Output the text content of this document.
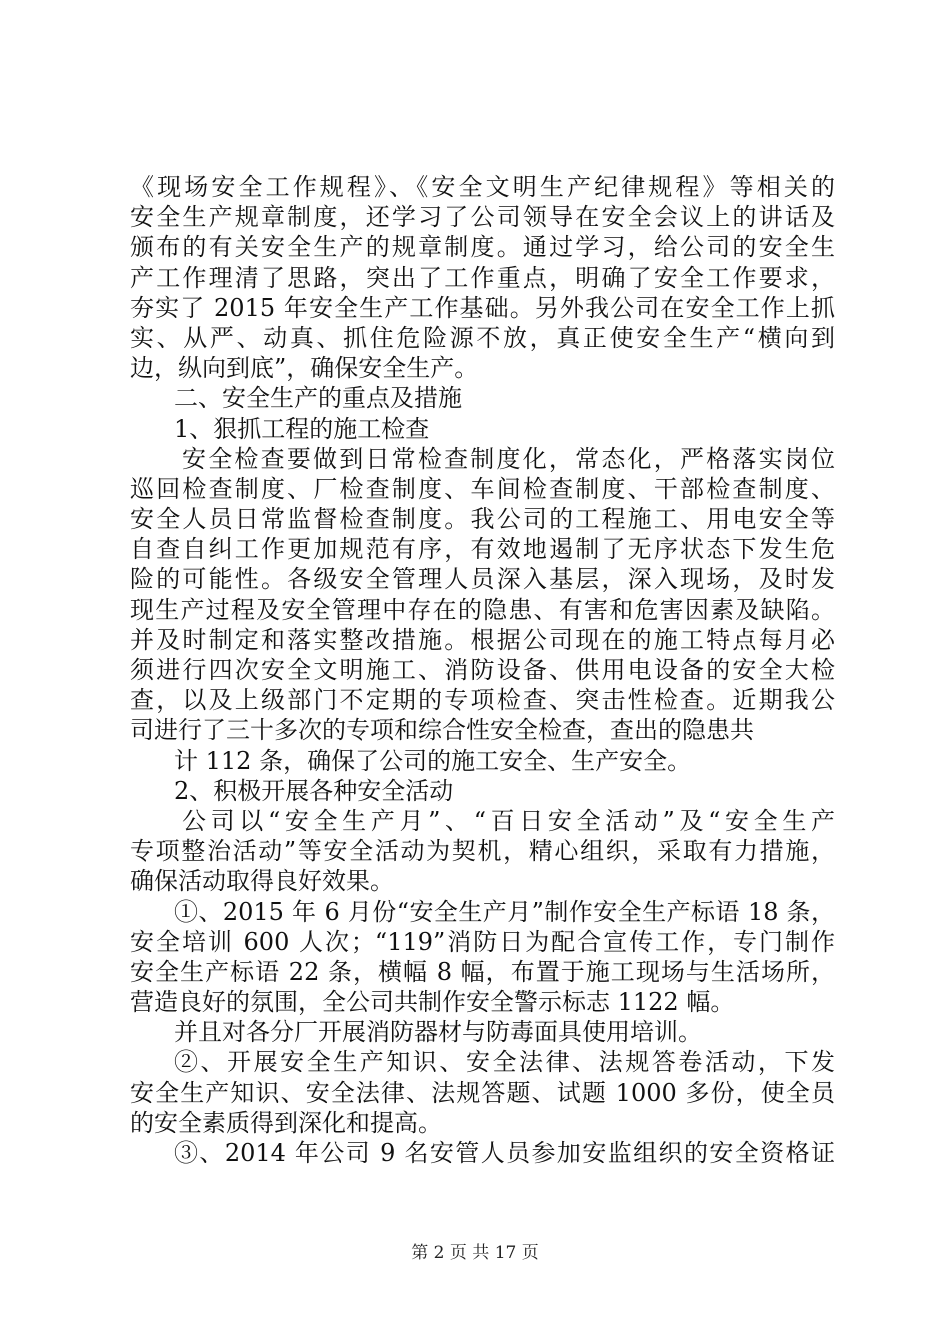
《现场安全工作规程》、《安全文明生产纪律规程》等相关的
安全生产规章制度，还学习了公司领导在安全会议上的讲话及
颁布的有关安全生产的规章制度。通过学习，给公司的安全生
产工作理清了思路，突出了工作重点，明确了安全工作要求，
夯实了 2015 年安全生产工作基础。另外我公司在安全工作上抓
实、从严、动真、抓住危险源不放，真正使安全生产“横向到
边，纵向到底”，确保安全生产。
二、安全生产的重点及措施
1、狠抓工程的施工检查
安全检查要做到日常检查制度化，常态化，严格落实岗位
巡回检查制度、厂检查制度、车间检查制度、干部检查制度、
安全人员日常监督检查制度。我公司的工程施工、用电安全等
自查自纠工作更加规范有序，有效地遏制了无序状态下发生危
险的可能性。各级安全管理人员深入基层，深入现场，及时发
现生产过程及安全管理中存在的隐患、有害和危害因素及缺陷。
并及时制定和落实整改措施。根据公司现在的施工特点每月必
须进行四次安全文明施工、消防设备、供用电设备的安全大检
查，以及上级部门不定期的专项检查、突击性检查。近期我公
司进行了三十多次的专项和综合性安全检查，查出的隐患共
计 112 条，确保了公司的施工安全、生产安全。
2、积极开展各种安全活动
公司以“安全生产月”、“百日安全活动”及“安全生产
专项整治活动”等安全活动为契机，精心组织，采取有力措施，
确保活动取得良好效果。
①、2015 年 6 月份“安全生产月”制作安全生产标语 18 条，
安全培训 600 人次；“119”消防日为配合宣传工作，专门制作
安全生产标语 22 条，横幅 8 幅，布置于施工现场与生活场所，
营造良好的氛围，全公司共制作安全警示标志 1122 幅。
并且对各分厂开展消防器材与防毒面具使用培训。
②、开展安全生产知识、安全法律、法规答卷活动，下发
安全生产知识、安全法律、法规答题、试题 1000 多份，使全员
的安全素质得到深化和提高。
③、2014 年公司 9 名安管人员参加安监组织的安全资格证
第 2 页 共 17 页
